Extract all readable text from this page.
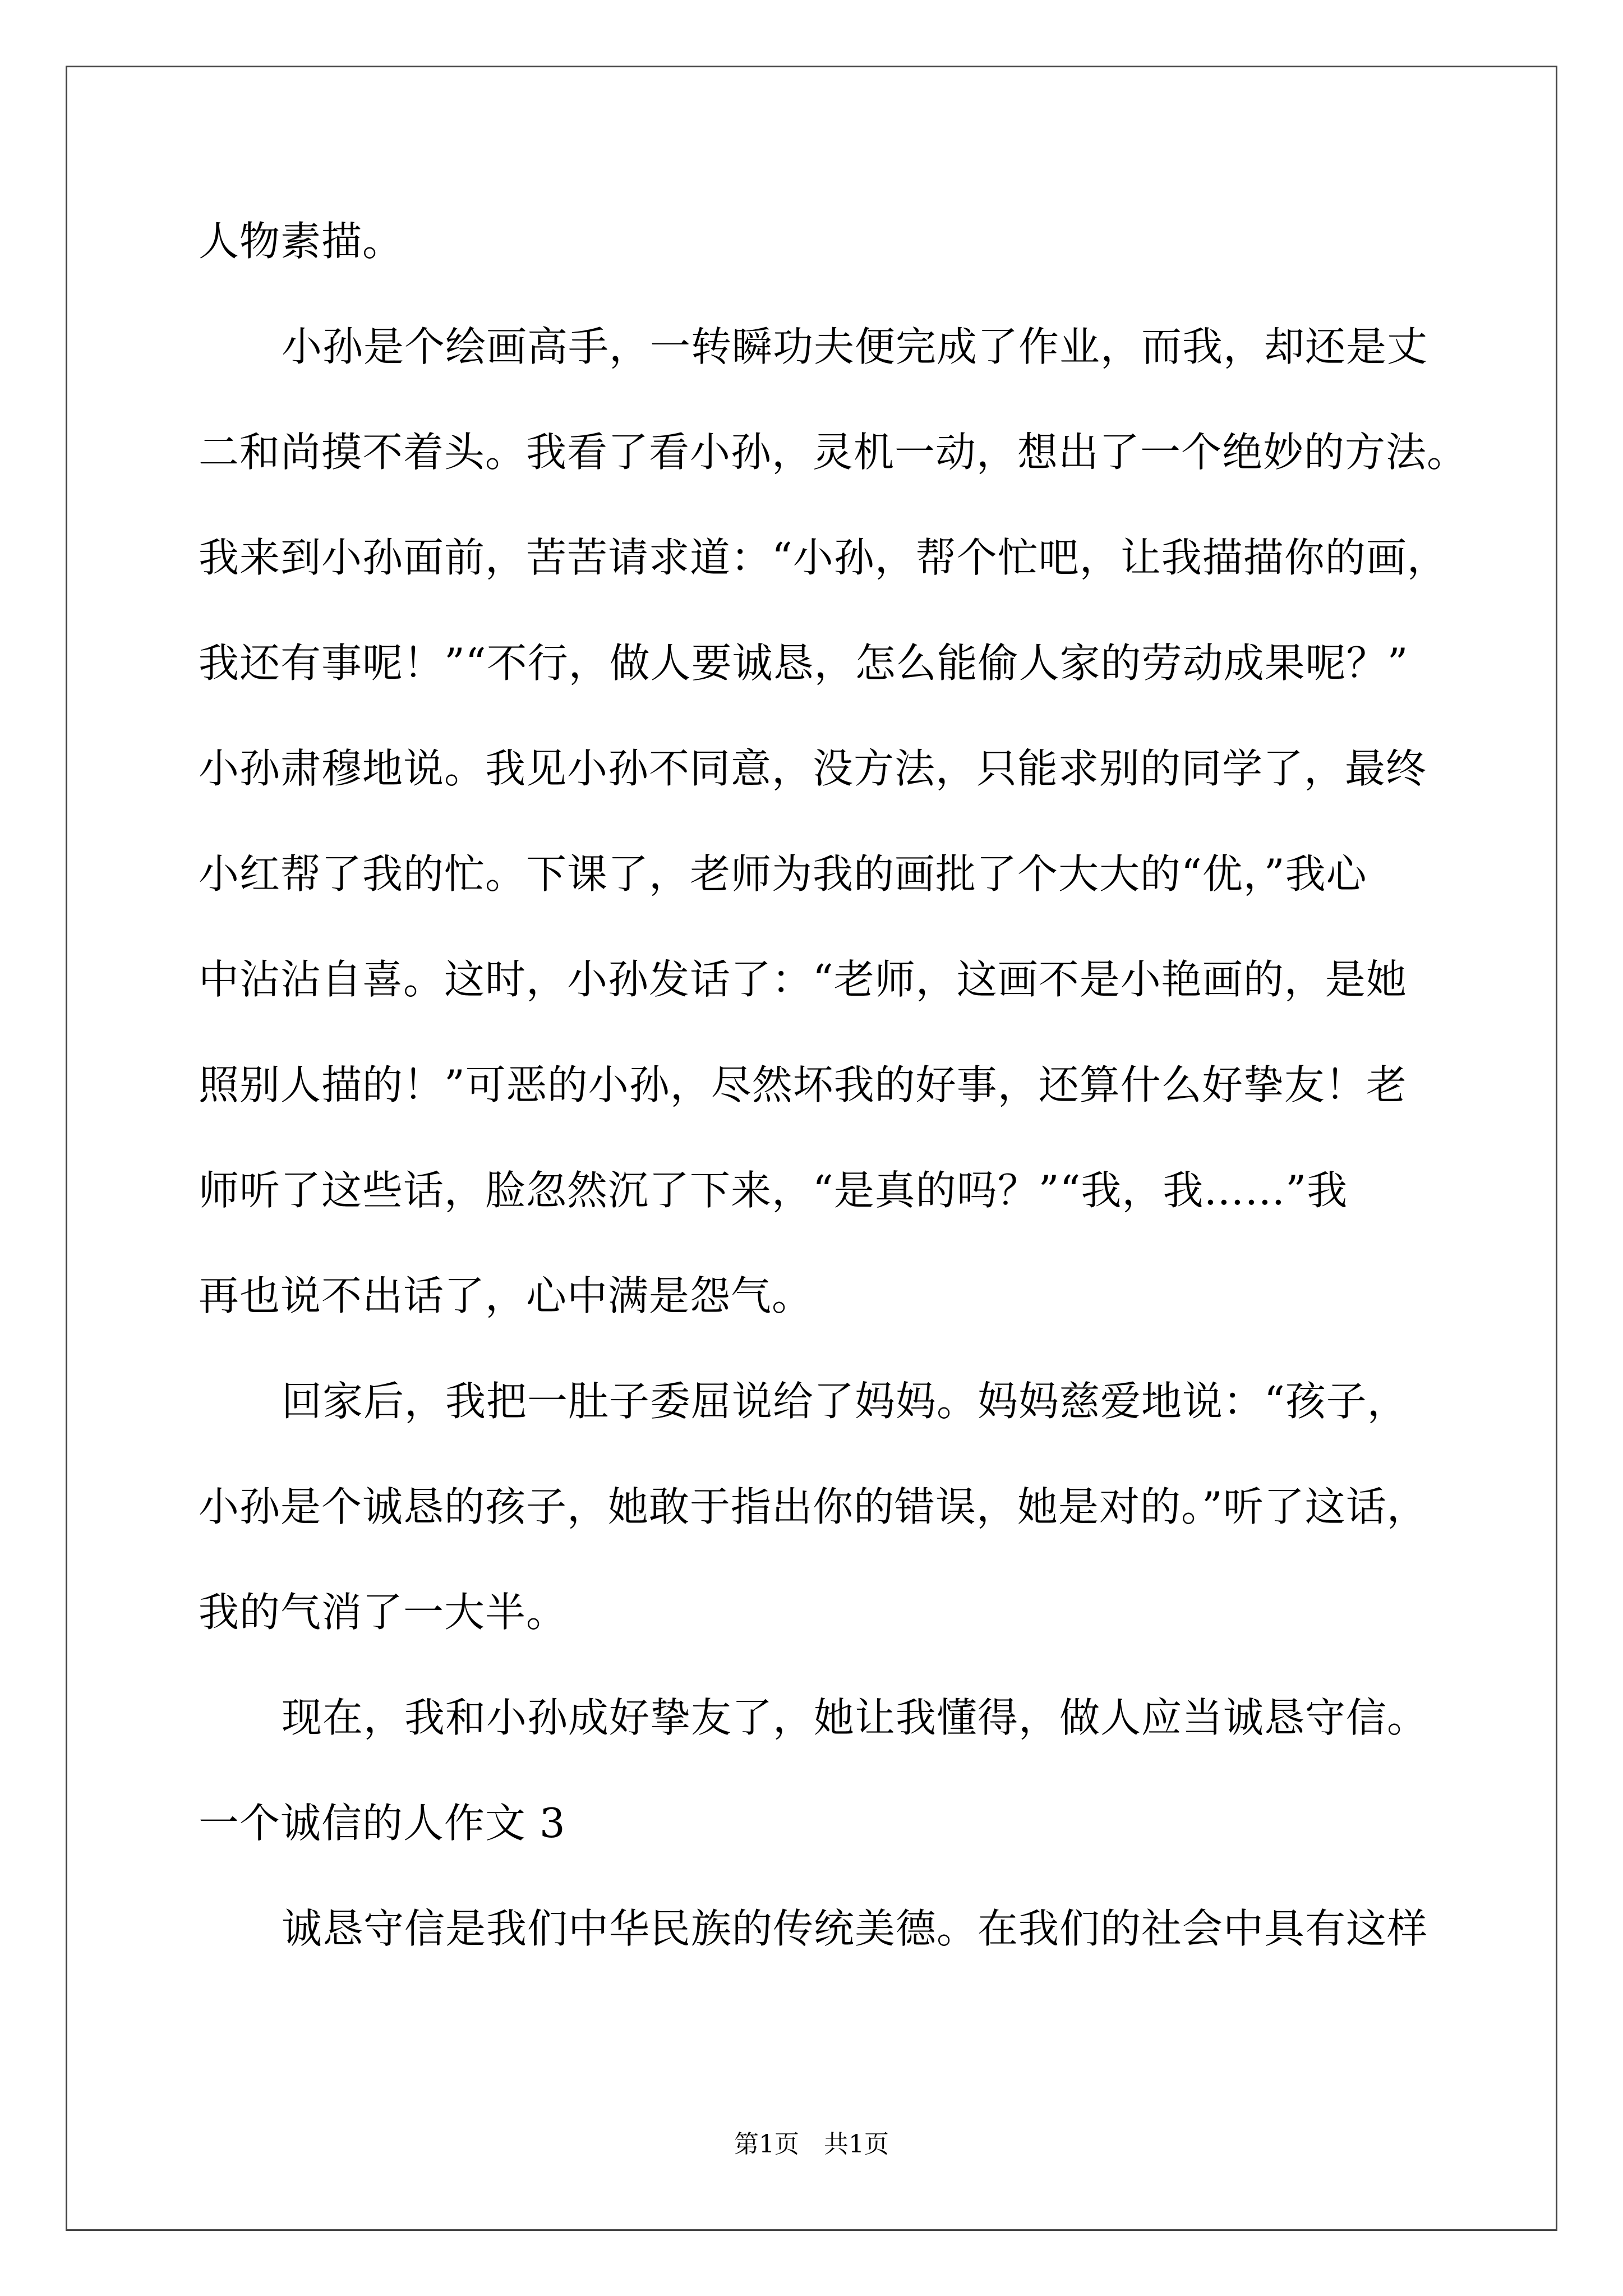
人物素描。
小孙是个绘画高手，一转瞬功夫便完成了作业，而我，却还是丈
二和尚摸不着头。我看了看小孙，灵机一动，想出了一个绝妙的方法。
我来到小孙面前，苦苦请求道：“小孙，帮个忙吧，让我描描你的画，
我还有事呢！”“不行，做人要诚恳，怎么能偷人家的劳动成果呢？”
小孙肃穆地说。我见小孙不同意，没方法，只能求别的同学了，最终
小红帮了我的忙。下课了，老师为我的画批了个大大的“优，”我心
中沾沾自喜。这时，小孙发话了：“老师，这画不是小艳画的，是她
照别人描的！”可恶的小孙，尽然坏我的好事，还算什么好挚友！老
师听了这些话，脸忽然沉了下来，“是真的吗？”“我，我……”我
再也说不出话了，心中满是怨气。
回家后，我把一肚子委屈说给了妈妈。妈妈慈爱地说：“孩子，
小孙是个诚恳的孩子，她敢于指出你的错误，她是对的。”听了这话，
我的气消了一大半。
现在，我和小孙成好挚友了，她让我懂得，做人应当诚恳守信。
一个诚信的人作文 3
诚恳守信是我们中华民族的传统美德。在我们的社会中具有这样
第1页　共1页
